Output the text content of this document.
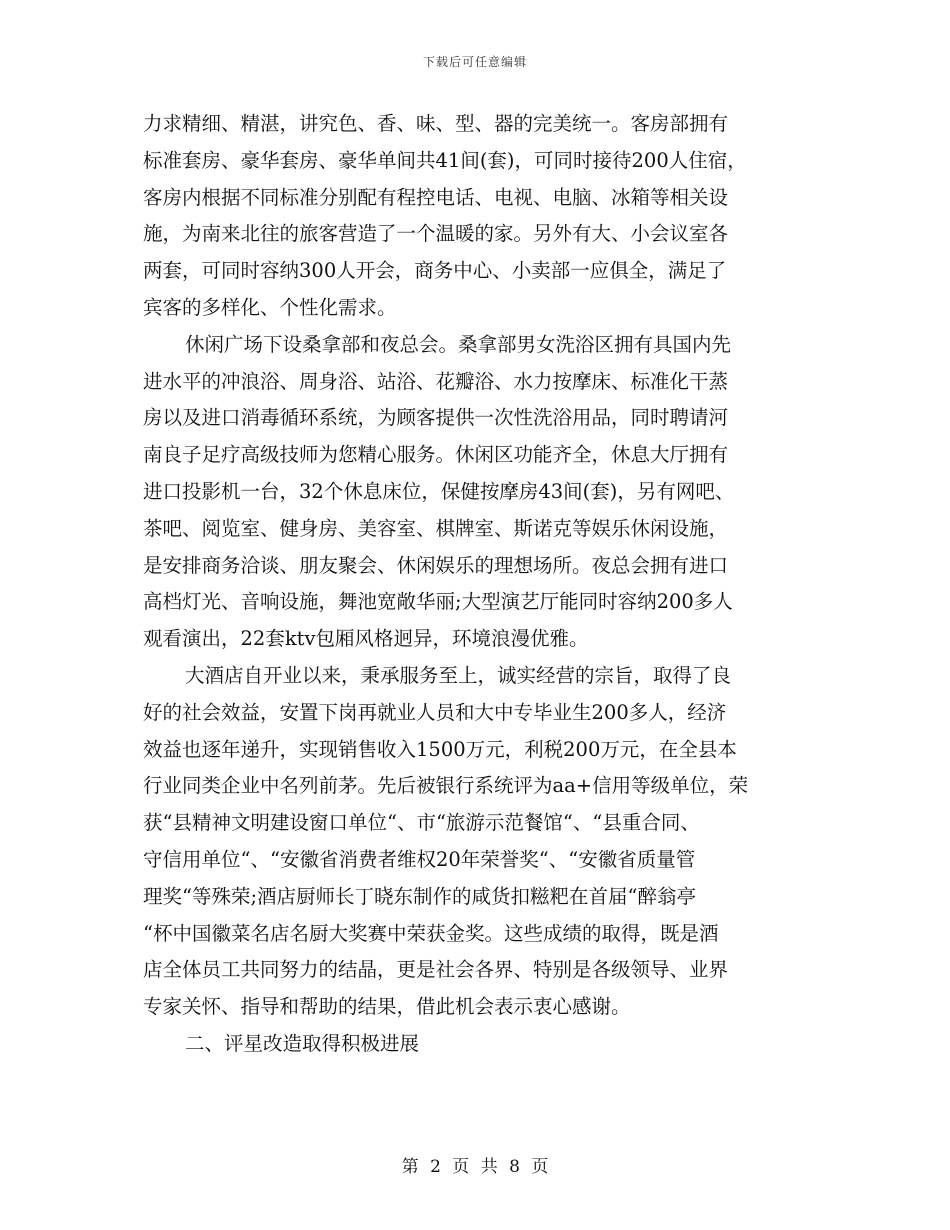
下载后可任意编辑
力求精细、精湛，讲究色、香、味、型、器的完美统一。客房部拥有
标准套房、豪华套房、豪华单间共41间(套)，可同时接待200人住宿，
客房内根据不同标准分别配有程控电话、电视、电脑、冰箱等相关设
施，为南来北往的旅客营造了一个温暖的家。另外有大、小会议室各
两套，可同时容纳300人开会，商务中心、小卖部一应俱全，满足了
宾客的多样化、个性化需求。
休闲广场下设桑拿部和夜总会。桑拿部男女洗浴区拥有具国内先
进水平的冲浪浴、周身浴、站浴、花瓣浴、水力按摩床、标准化干蒸
房以及进口消毒循环系统，为顾客提供一次性洗浴用品，同时聘请河
南良子足疗高级技师为您精心服务。休闲区功能齐全，休息大厅拥有
进口投影机一台，32个休息床位，保健按摩房43间(套)，另有网吧、
茶吧、阅览室、健身房、美容室、棋牌室、斯诺克等娱乐休闲设施，
是安排商务洽谈、朋友聚会、休闲娱乐的理想场所。夜总会拥有进口
高档灯光、音响设施，舞池宽敞华丽;大型演艺厅能同时容纳200多人
观看演出，22套ktv包厢风格迥异，环境浪漫优雅。
大酒店自开业以来，秉承服务至上，诚实经营的宗旨，取得了良
好的社会效益，安置下岗再就业人员和大中专毕业生200多人，经济
效益也逐年递升，实现销售收入1500万元，利税200万元，在全县本
行业同类企业中名列前茅。先后被银行系统评为aa+信用等级单位，荣
获“县精神文明建设窗口单位“、市“旅游示范餐馆“、“县重合同、
守信用单位“、“安徽省消费者维权20年荣誉奖“、“安徽省质量管
理奖“等殊荣;酒店厨师长丁晓东制作的咸货扣糍粑在首届“醉翁亭
“杯中国徽菜名店名厨大奖赛中荣获金奖。这些成绩的取得，既是酒
店全体员工共同努力的结晶，更是社会各界、特别是各级领导、业界
专家关怀、指导和帮助的结果，借此机会表示衷心感谢。
二、评星改造取得积极进展
第 2 页 共 8 页
